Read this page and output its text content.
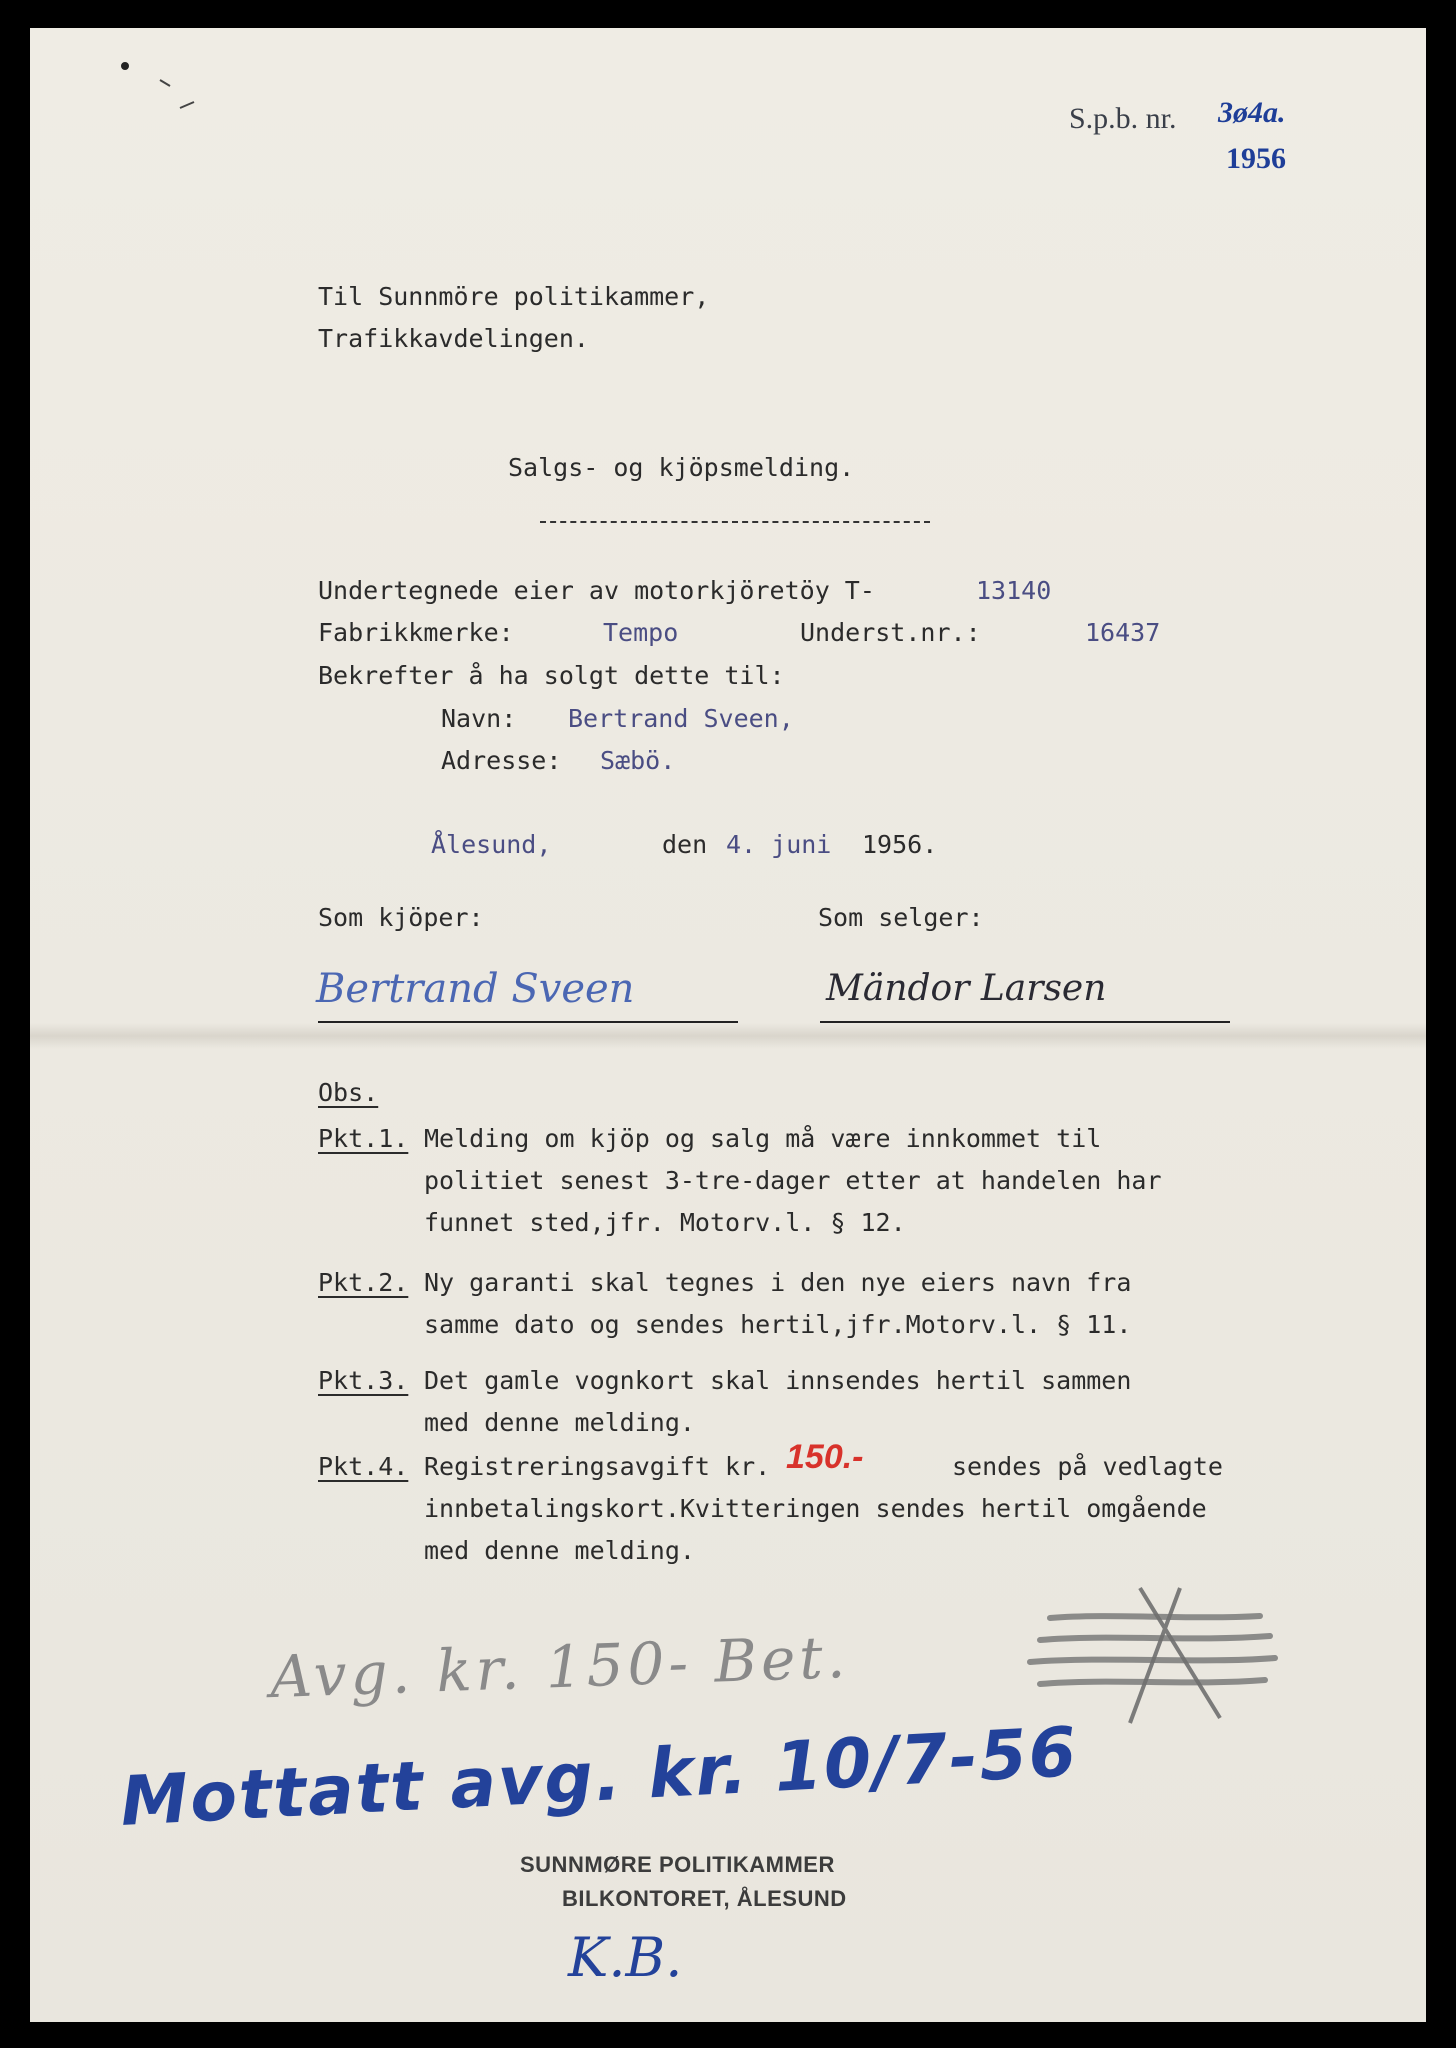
S.p.b. nr. 3ø4a.
1956
Til Sunnmöre politikammer,
Trafikkavdelingen.
Salgs- og kjöpsmelding.
Undertegnede eier av motorkjöretöy T-	13140
Fabrikkmerke:	Tempo	Underst.nr.:	16437
Bekrefter å ha solgt dette til:
Navn: Bertrand Sveen,
Adresse: Sæbö.
Ålesund,	den 4. juni 1956.
Som kjöper:	Som selger:
Bertrand Sveen	Mändor Larsen
Obs.
Pkt.1. Melding om kjöp og salg må være innkommet til
politiet senest 3-tre-dager etter at handelen har
funnet sted,jfr. Motorv.l. § 12.
Pkt.2. Ny garanti skal tegnes i den nye eiers navn fra
samme dato og sendes hertil,jfr.Motorv.l. § 11.
Pkt.3. Det gamle vognkort skal innsendes hertil sammen
med denne melding.
Pkt.4. Registreringsavgift kr. 150.-	sendes på vedlagte
innbetalingskort.Kvitteringen sendes hertil omgående
med denne melding.
Avg. kr. 150- Bet.
Mottatt avg. kr. 10/7-56
SUNNMØRE POLITIKAMMER
BILKONTORET, ÅLESUND
K.B.
